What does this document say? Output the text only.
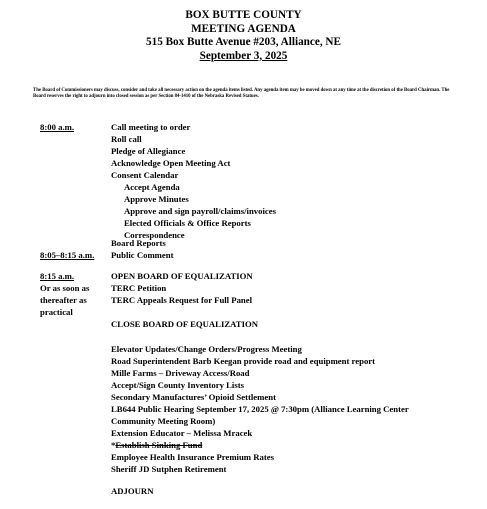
BOX BUTTE COUNTY
MEETING AGENDA
515 Box Butte Avenue #203, Alliance, NE
September 3, 2025
The Board of Commissioners may discuss, consider and take all necessary action on the agenda items listed. Any agenda item may be moved down at any time at the discretion of the Board Chairman. The Board reserves the right to adjourn into closed session as per Section 84-1410 of the Nebraska Revised Statues.
8:00 a.m.
8:05–8:15 a.m.
8:15 a.m.
Or as soon as
thereafter as
practical
Call meeting to order
Roll call
Pledge of Allegiance
Acknowledge Open Meeting Act
Consent Calendar
Accept Agenda
Approve Minutes
Approve and sign payroll/claims/invoices
Elected Officials & Office Reports
Correspondence
Board Reports
Public Comment
OPEN BOARD OF EQUALIZATION
TERC Petition
TERC Appeals Request for Full Panel
CLOSE BOARD OF EQUALIZATION
Elevator Updates/Change Orders/Progress Meeting
Road Superintendent Barb Keegan provide road and equipment report
Mille Farms – Driveway Access/Road
Accept/Sign County Inventory Lists
Secondary Manufactures’ Opioid Settlement
LB644 Public Hearing September 17, 2025 @ 7:30pm (Alliance Learning Center
Community Meeting Room)
Extension Educator – Melissa Mracek
*Establish Sinking Fund
Employee Health Insurance Premium Rates
Sheriff JD Sutphen Retirement
ADJOURN
